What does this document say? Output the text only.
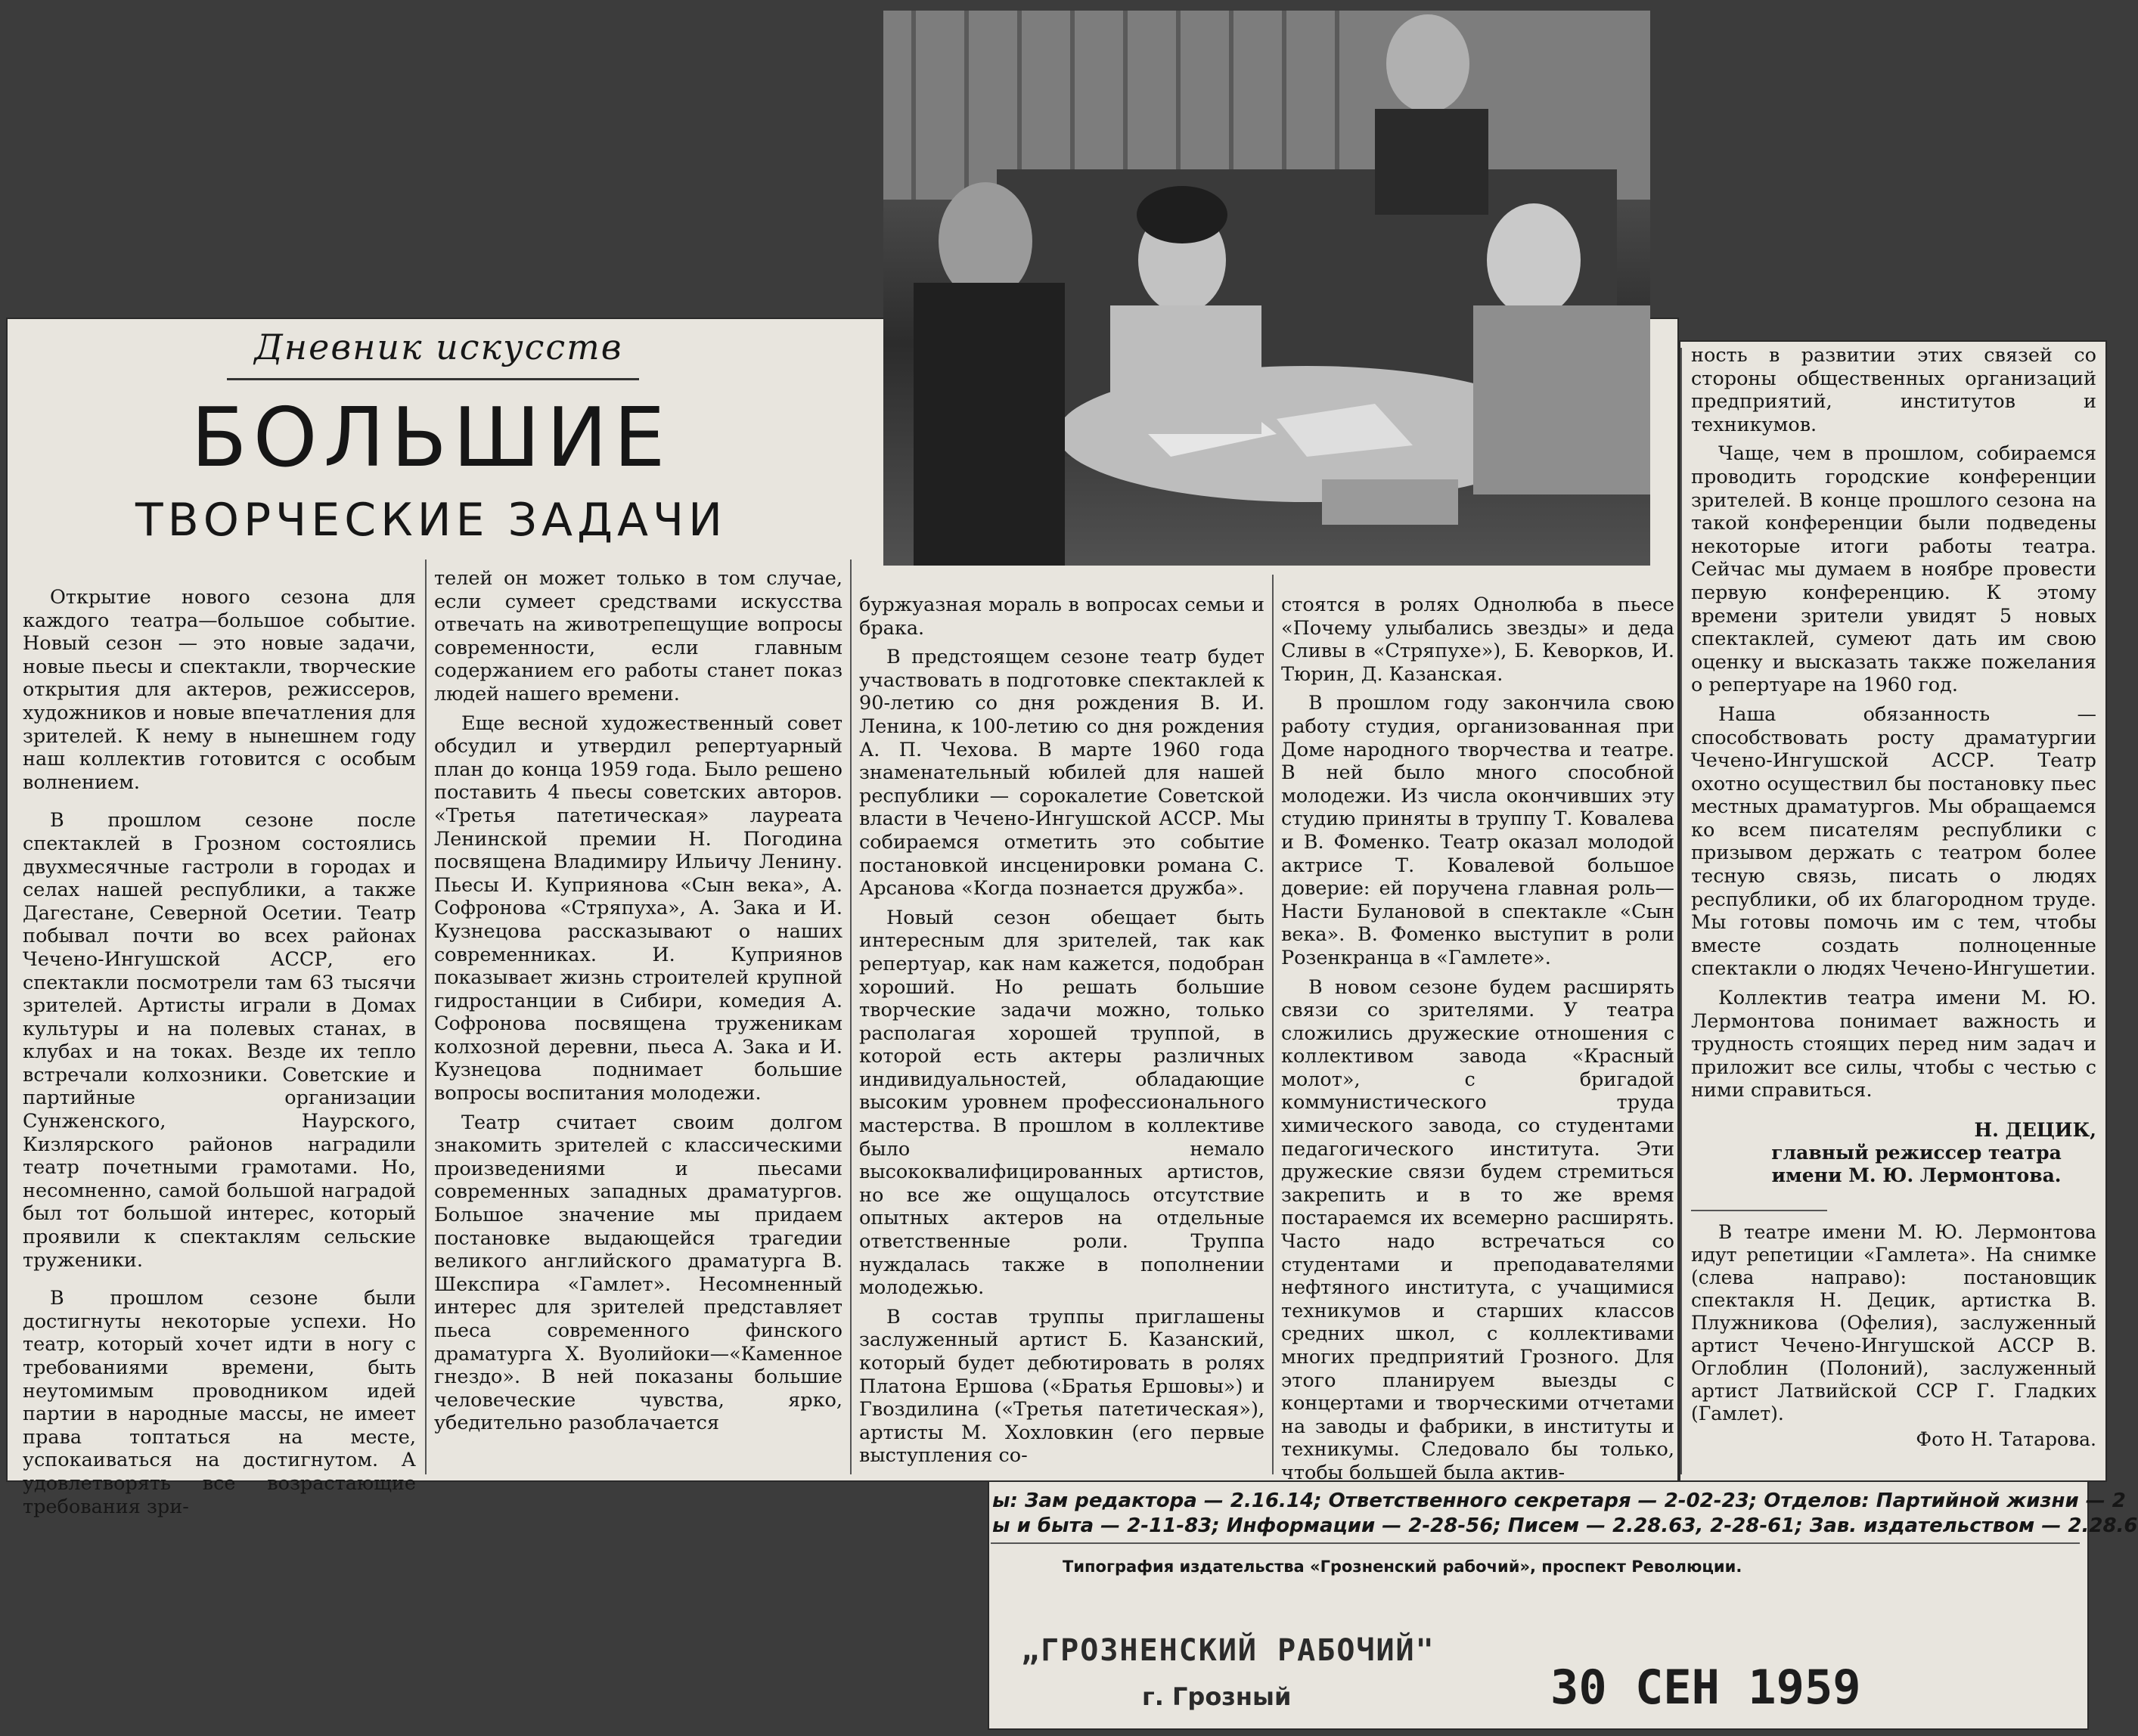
Дневник искусств
БОЛЬШИЕ
ТВОРЧЕСКИЕ ЗАДАЧИ

Открытие нового сезона для каждого театра—большое событие. Новый сезон — это новые задачи, новые пьесы и спектакли, творческие открытия для актеров, режиссеров, художников и новые впечатления для зрителей. К нему в нынешнем году наш коллектив готовится с особым волнением.

В прошлом сезоне после спектаклей в Грозном состоялись двухмесячные гастроли в городах и селах нашей республики, а также Дагестане, Северной Осетии. Театр побывал почти во всех районах Чечено-Ингушской АССР, его спектакли посмотрели там 63 тысячи зрителей. Артисты играли в Домах культуры и на полевых станах, в клубах и на токах. Везде их тепло встречали колхозники. Советские и партийные организации Сунженского, Наурского, Кизлярского районов наградили театр почетными грамотами. Но, несомненно, самой большой наградой был тот большой интерес, который проявили к спектаклям сельские труженики.

В прошлом сезоне были достигнуты некоторые успехи. Но театр, который хочет идти в ногу с требованиями времени, быть неутомимым проводником идей партии в народные массы, не имеет права топтаться на месте, успокаиваться на достигнутом. А удовлетворять все возрастающие требования зри-

телей он может только в том случае, если сумеет средствами искусства отвечать на животрепещущие вопросы современности, если главным содержанием его работы станет показ людей нашего времени.

Еще весной художественный совет обсудил и утвердил репертуарный план до конца 1959 года. Было решено поставить 4 пьесы советских авторов. «Третья патетическая» лауреата Ленинской премии Н. Погодина посвящена Владимиру Ильичу Ленину. Пьесы И. Куприянова «Сын века», А. Софронова «Стряпуха», А. Зака и И. Кузнецова рассказывают о наших современниках. И. Куприянов показывает жизнь строителей крупной гидростанции в Сибири, комедия А. Софронова посвящена труженикам колхозной деревни, пьеса А. Зака и И. Кузнецова поднимает большие вопросы воспитания молодежи.

Театр считает своим долгом знакомить зрителей с классическими произведениями и пьесами современных западных драматургов. Большое значение мы придаем постановке выдающейся трагедии великого английского драматурга В. Шекспира «Гамлет». Несомненный интерес для зрителей представляет пьеса современного финского драматурга Х. Вуолийоки—«Каменное гнездо». В ней показаны большие человеческие чувства, ярко, убедительно разоблачается

буржуазная мораль в вопросах семьи и брака.

В предстоящем сезоне театр будет участвовать в подготовке спектаклей к 90-летию со дня рождения В. И. Ленина, к 100-летию со дня рождения А. П. Чехова. В марте 1960 года знаменательный юбилей для нашей республики — сорокалетие Советской власти в Чечено-Ингушской АССР. Мы собираемся отметить это событие постановкой инсценировки романа С. Арсанова «Когда познается дружба».

Новый сезон обещает быть интересным для зрителей, так как репертуар, как нам кажется, подобран хороший. Но решать большие творческие задачи можно, только располагая хорошей труппой, в которой есть актеры различных индивидуальностей, обладающие высоким уровнем профессионального мастерства. В прошлом в коллективе было немало высококвалифицированных артистов, но все же ощущалось отсутствие опытных актеров на отдельные ответственные роли. Труппа нуждалась также в пополнении молодежью.

В состав труппы приглашены заслуженный артист Б. Казанский, который будет дебютировать в ролях Платона Ершова («Братья Ершовы») и Гвоздилина («Третья патетическая»), артисты М. Хохловкин (его первые выступления со-

стоятся в ролях Однолюба в пьесе «Почему улыбались звезды» и деда Сливы в «Стряпухе»), Б. Кеворков, И. Тюрин, Д. Казанская.

В прошлом году закончила свою работу студия, организованная при Доме народного творчества и театре. В ней было много способной молодежи. Из числа окончивших эту студию приняты в труппу Т. Ковалева и В. Фоменко. Театр оказал молодой актрисе Т. Ковалевой большое доверие: ей поручена главная роль—Насти Булановой в спектакле «Сын века». В. Фоменко выступит в роли Розенкранца в «Гамлете».

В новом сезоне будем расширять связи со зрителями. У театра сложились дружеские отношения с коллективом завода «Красный молот», с бригадой коммунистического труда химического завода, со студентами педагогического института. Эти дружеские связи будем стремиться закрепить и в то же время постараемся их всемерно расширять. Часто надо встречаться со студентами и преподавателями нефтяного института, с учащимися техникумов и старших классов средних школ, с коллективами многих предприятий Грозного. Для этого планируем выезды с концертами и творческими отчетами на заводы и фабрики, в институты и техникумы. Следовало бы только, чтобы большей была актив-

ность в развитии этих связей со стороны общественных организаций предприятий, институтов и техникумов.

Чаще, чем в прошлом, собираемся проводить городские конференции зрителей. В конце прошлого сезона на такой конференции были подведены некоторые итоги работы театра. Сейчас мы думаем в ноябре провести первую конференцию. К этому времени зрители увидят 5 новых спектаклей, сумеют дать им свою оценку и высказать также пожелания о репертуаре на 1960 год.

Наша обязанность — способствовать росту драматургии Чечено-Ингушской АССР. Театр охотно осуществил бы постановку пьес местных драматургов. Мы обращаемся ко всем писателям республики с призывом держать с театром более тесную связь, писать о людях республики, об их благородном труде. Мы готовы помочь им с тем, чтобы вместе создать полноценные спектакли о людях Чечено-Ингушетии.

Коллектив театра имени М. Ю. Лермонтова понимает важность и трудность стоящих перед ним задач и приложит все силы, чтобы с честью с ними справиться.

Н. ДЕЦИК,

главный режиссер театра

имени М. Ю. Лермонтова.

В театре имени М. Ю. Лермонтова идут репетиции «Гамлета». На снимке (слева направо): постановщик спектакля Н. Децик, артистка В. Плужникова (Офелия), заслуженный артист Чечено-Ингушской АССР В. Оглоблин (Полоний), заслуженный артист Латвийской ССР Г. Гладких (Гамлет).

Фото Н. Татарова.

ы: Зам редактора — 2.16.14; Ответственного секретаря — 2-02-23; Отделов: Партийной жизни — 2
ы и быта — 2-11-83; Информации — 2-28-56; Писем — 2.28.63, 2-28-61; Зав. издательством — 2.28.6
Типография издательства «Грозненский рабочий», проспект Революции.
„ГРОЗНЕНСКИЙ РАБОЧИЙ"
г. Грозный	30 СЕН 1959
